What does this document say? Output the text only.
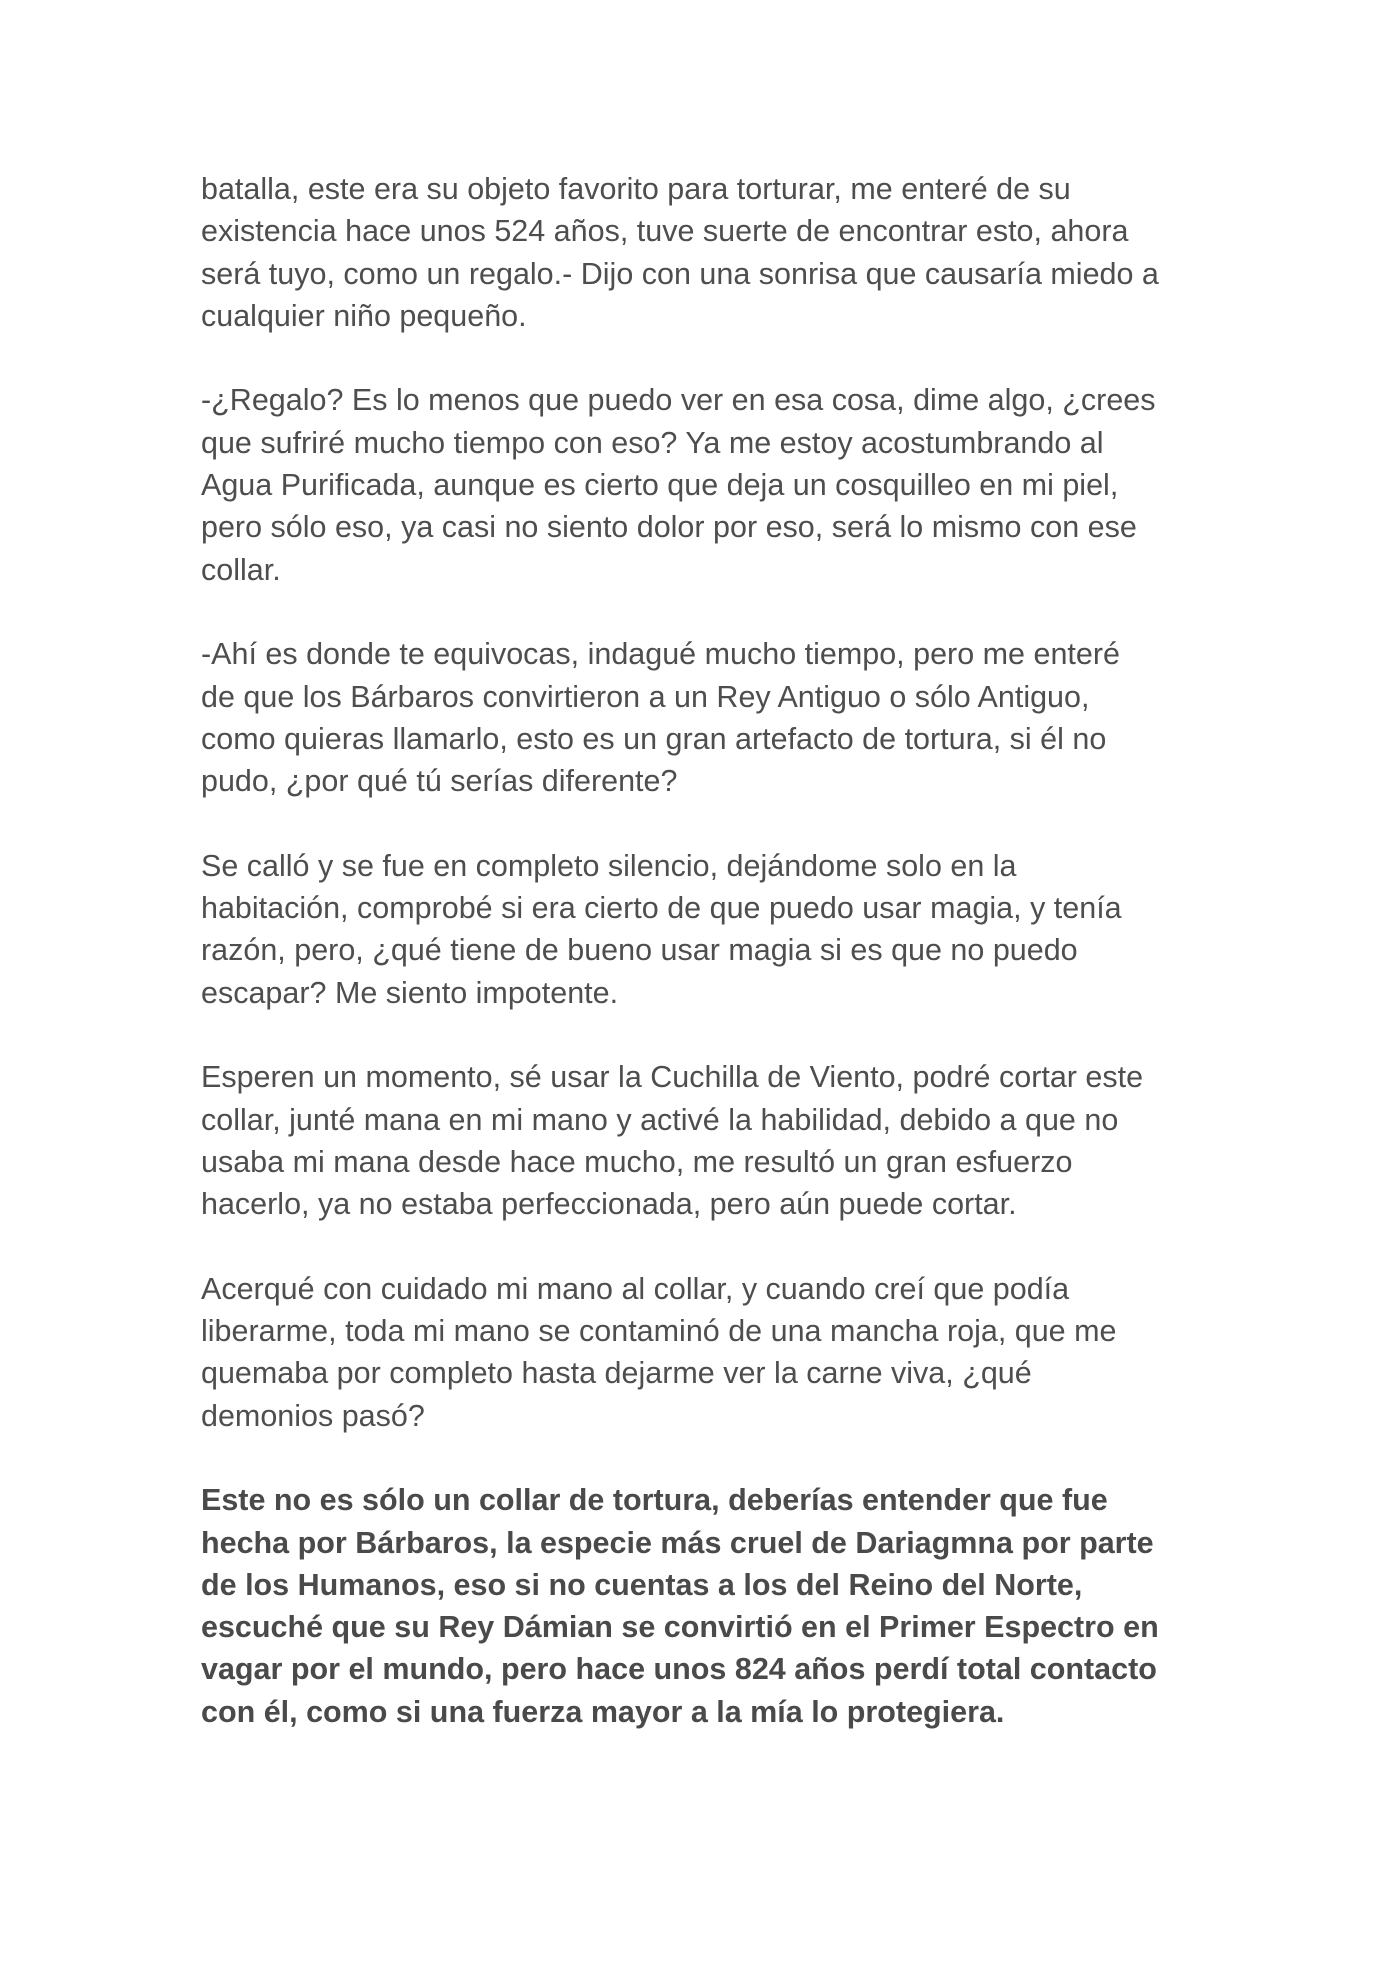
batalla, este era su objeto favorito para torturar, me enteré de su
existencia hace unos 524 años, tuve suerte de encontrar esto, ahora
será tuyo, como un regalo.- Dijo con una sonrisa que causaría miedo a
cualquier niño pequeño.
-¿Regalo? Es lo menos que puedo ver en esa cosa, dime algo, ¿crees
que sufriré mucho tiempo con eso? Ya me estoy acostumbrando al
Agua Purificada, aunque es cierto que deja un cosquilleo en mi piel,
pero sólo eso, ya casi no siento dolor por eso, será lo mismo con ese
collar.
-Ahí es donde te equivocas, indagué mucho tiempo, pero me enteré
de que los Bárbaros convirtieron a un Rey Antiguo o sólo Antiguo,
como quieras llamarlo, esto es un gran artefacto de tortura, si él no
pudo, ¿por qué tú serías diferente?
Se calló y se fue en completo silencio, dejándome solo en la
habitación, comprobé si era cierto de que puedo usar magia, y tenía
razón, pero, ¿qué tiene de bueno usar magia si es que no puedo
escapar? Me siento impotente.
Esperen un momento, sé usar la Cuchilla de Viento, podré cortar este
collar, junté mana en mi mano y activé la habilidad, debido a que no
usaba mi mana desde hace mucho, me resultó un gran esfuerzo
hacerlo, ya no estaba perfeccionada, pero aún puede cortar.
Acerqué con cuidado mi mano al collar, y cuando creí que podía
liberarme, toda mi mano se contaminó de una mancha roja, que me
quemaba por completo hasta dejarme ver la carne viva, ¿qué
demonios pasó?
Este no es sólo un collar de tortura, deberías entender que fue
hecha por Bárbaros, la especie más cruel de Dariagmna por parte
de los Humanos, eso si no cuentas a los del Reino del Norte,
escuché que su Rey Dámian se convirtió en el Primer Espectro en
vagar por el mundo, pero hace unos 824 años perdí total contacto
con él, como si una fuerza mayor a la mía lo protegiera.
